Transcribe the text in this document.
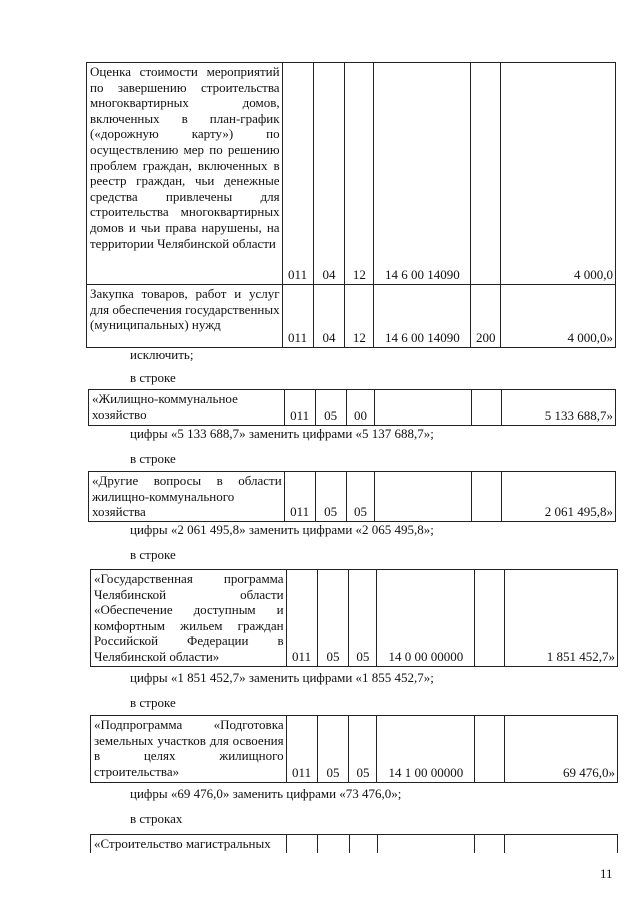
Оценка стоимости мероприятий по завершению строительства многоквартирных домов, включенных в план-график («дорожную карту») по осуществлению мер по решению проблем граждан, включенных в реестр граждан, чьи денежные средства привлечены для строительства многоквартирных домов и чьи права нарушены, на территории Челябинской области	011	04	12	14 6 00 14090		4 000,0
Закупка товаров, работ и услуг для обеспечения государственных (муниципальных) нужд	011	04	12	14 6 00 14090	200	4 000,0»
исключить;
в строке
«Жилищно-коммунальное хозяйство	011	05	00			5 133 688,7»
цифры «5 133 688,7» заменить цифрами «5 137 688,7»;
в строке
«Другие вопросы в области жилищно-коммунального хозяйства	011	05	05			2 061 495,8»
цифры «2 061 495,8» заменить цифрами «2 065 495,8»;
в строке
«Государственная программа Челябинской области «Обеспечение доступным и комфортным жильем граждан Российской Федерации в Челябинской области»	011	05	05	14 0 00 00000		1 851 452,7»
цифры «1 851 452,7» заменить цифрами «1 855 452,7»;
в строке
«Подпрограмма «Подготовка земельных участков для освоения в целях жилищного строительства»	011	05	05	14 1 00 00000		69 476,0»
цифры «69 476,0» заменить цифрами «73 476,0»;
в строках
«Строительство магистральных						
11
